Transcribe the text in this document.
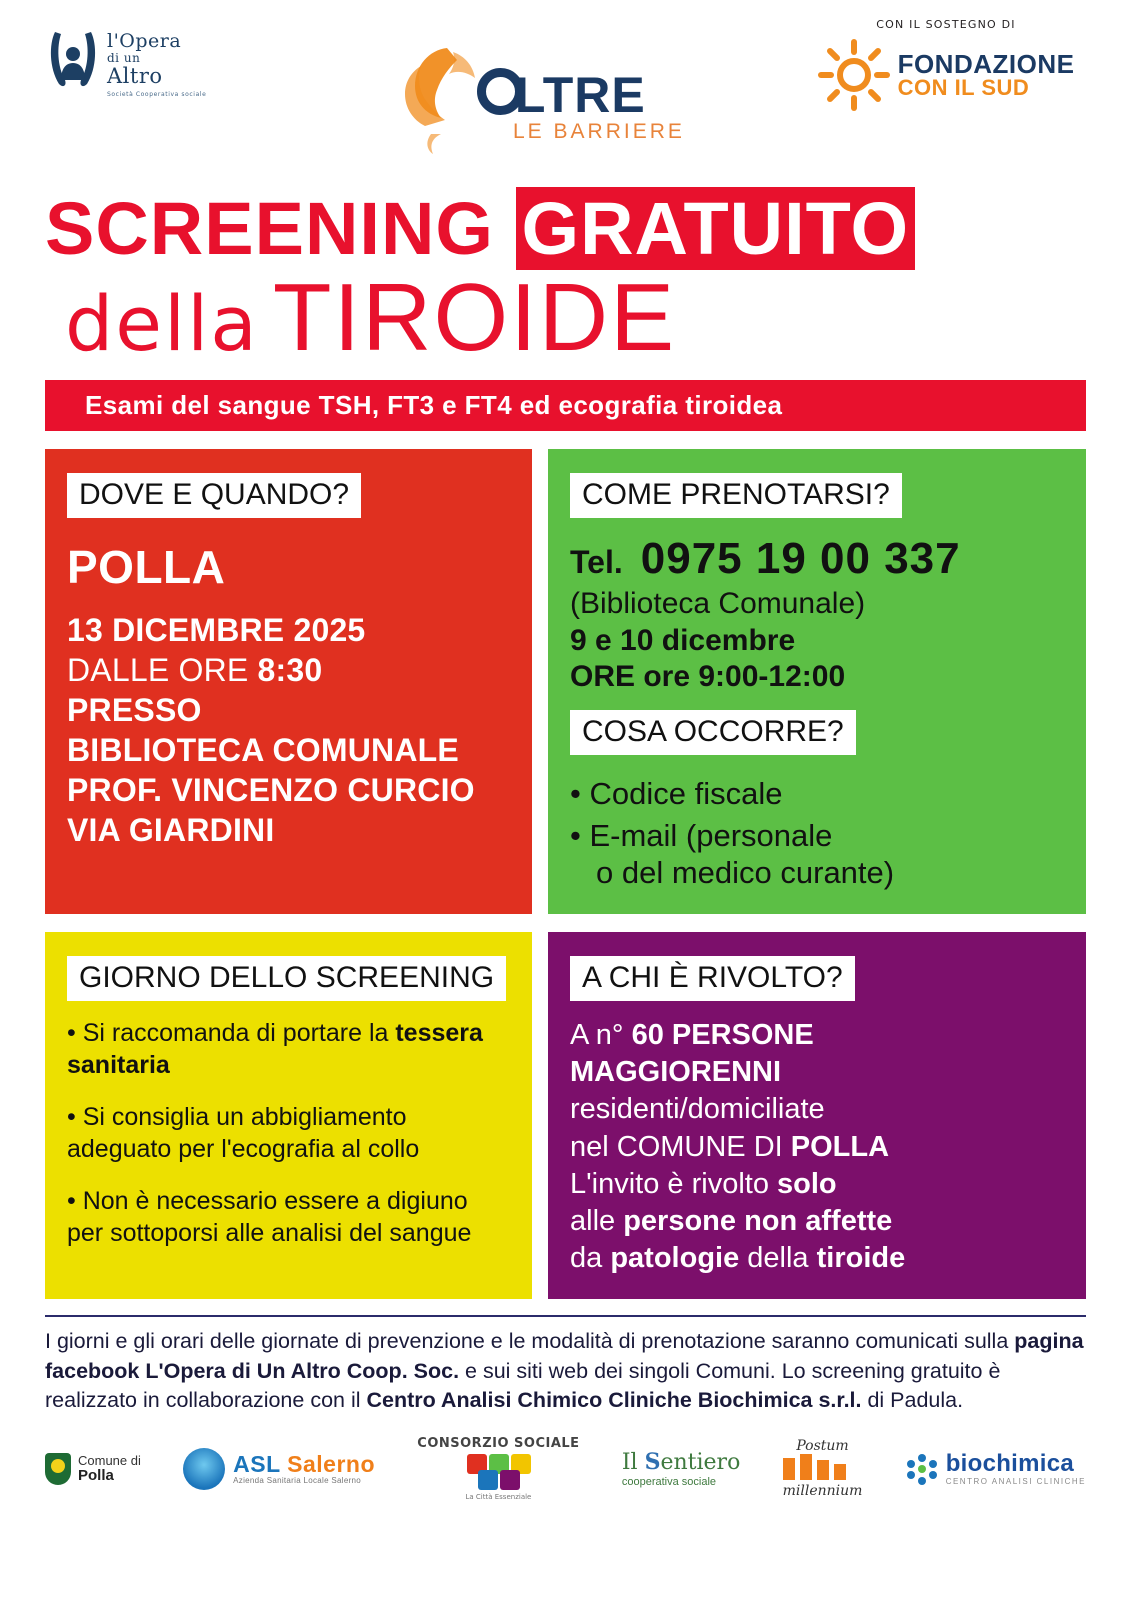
l'Opera
di un
Altro
Società Cooperativa sociale	LTRE
LE BARRIERE
CON IL SOSTEGNO DI
FONDAZIONE
CON IL SUD
SCREENING GRATUITO
della TIROIDE
Esami del sangue TSH, FT3 e FT4 ed ecografia tiroidea
DOVE E QUANDO?
POLLA
13 DICEMBRE 2025
DALLE ORE 8:30
PRESSO
BIBLIOTECA COMUNALE
PROF. VINCENZO CURCIO
VIA GIARDINI
COME PRENOTARSI?
Tel. 0975 19 00 337
(Biblioteca Comunale)
9 e 10 dicembre
ORE ore 9:00-12:00
COSA OCCORRE?
• Codice fiscale
• E-mail (personale
o del medico curante)
GIORNO DELLO SCREENING
• Si raccomanda di portare la tessera sanitaria
• Si consiglia un abbigliamento adeguato per l'ecografia al collo
• Non è necessario essere a digiuno per sottoporsi alle analisi del sangue
A CHI È RIVOLTO?
A n° 60 PERSONE
MAGGIORENNI
residenti/domiciliate
nel COMUNE DI POLLA
L'invito è rivolto solo
alle persone non affette
da patologie della tiroide
I giorni e gli orari delle giornate di prevenzione e le modalità di prenotazione saranno comunicati sulla pagina facebook L'Opera di Un Altro Coop. Soc. e sui siti web dei singoli Comuni. Lo screening gratuito è realizzato in collaborazione con il Centro Analisi Chimico Cliniche Biochimica s.r.l. di Padula.
Comune di
Polla	ASL Salerno
Azienda Sanitaria Locale Salerno
CONSORZIO SOCIALE
La Città Essenziale
Il Sentiero
cooperativa sociale
Postum
millennium
biochimica
CENTRO ANALISI CLINICHE
